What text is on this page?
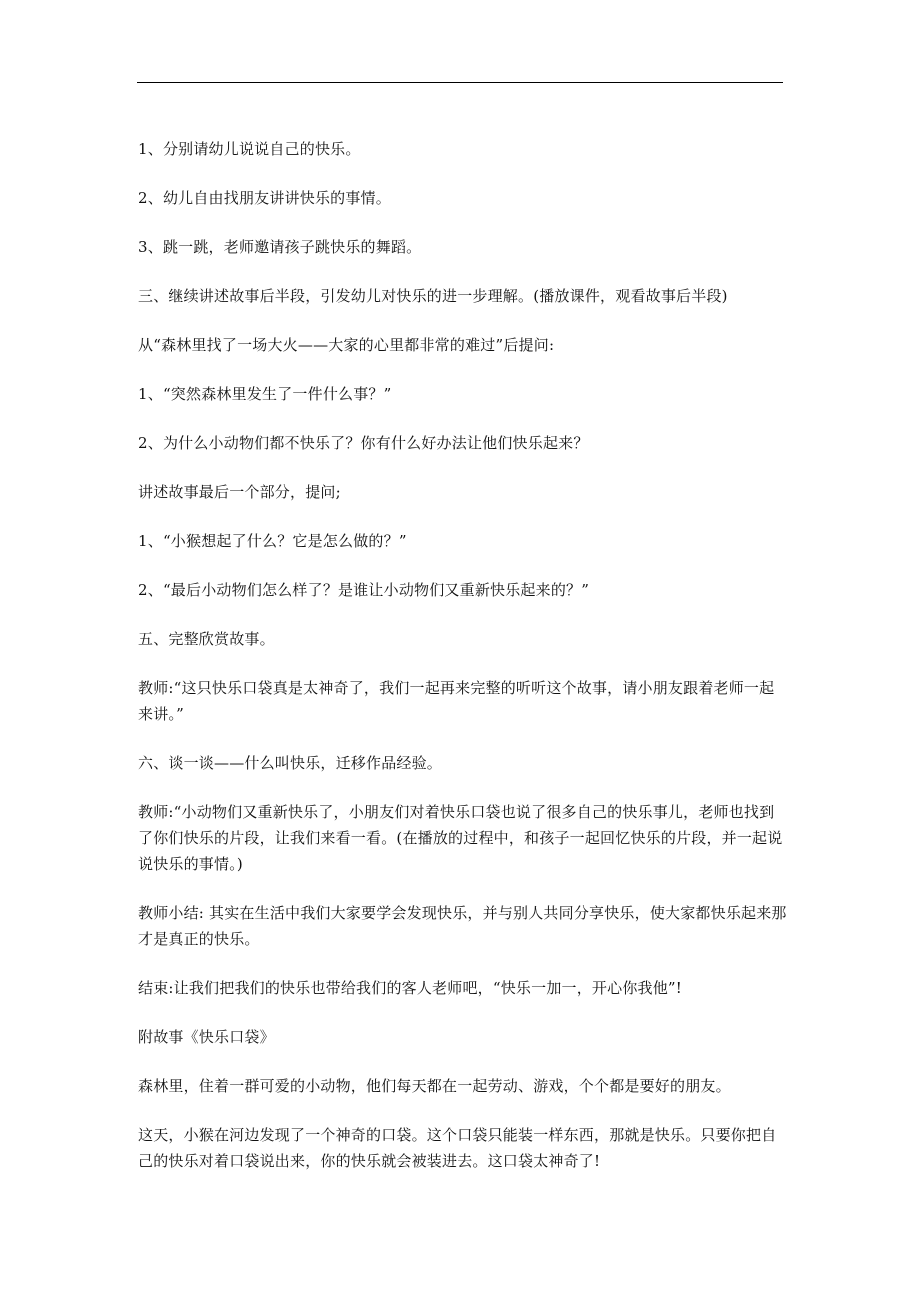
1、分别请幼儿说说自己的快乐。

2、幼儿自由找朋友讲讲快乐的事情。

3、跳一跳，老师邀请孩子跳快乐的舞蹈。

三、继续讲述故事后半段，引发幼儿对快乐的进一步理解。(播放课件，观看故事后半段)

从“森林里找了一场大火——大家的心里都非常的难过”后提问:

1、“突然森林里发生了一件什么事？”

2、为什么小动物们都不快乐了？你有什么好办法让他们快乐起来？

讲述故事最后一个部分，提问;

1、“小猴想起了什么？它是怎么做的？”

2、“最后小动物们怎么样了？是谁让小动物们又重新快乐起来的？”

五、完整欣赏故事。

教师:“这只快乐口袋真是太神奇了，我们一起再来完整的听听这个故事，请小朋友跟着老师一起来讲。”

六、谈一谈——什么叫快乐，迁移作品经验。

教师:“小动物们又重新快乐了，小朋友们对着快乐口袋也说了很多自己的快乐事儿，老师也找到了你们快乐的片段，让我们来看一看。(在播放的过程中，和孩子一起回忆快乐的片段，并一起说说快乐的事情。)

教师小结: 其实在生活中我们大家要学会发现快乐，并与别人共同分享快乐，使大家都快乐起来那才是真正的快乐。

结束:让我们把我们的快乐也带给我们的客人老师吧，“快乐一加一，开心你我他”!

附故事《快乐口袋》

森林里，住着一群可爱的小动物，他们每天都在一起劳动、游戏，个个都是要好的朋友。

这天，小猴在河边发现了一个神奇的口袋。这个口袋只能装一样东西，那就是快乐。只要你把自己的快乐对着口袋说出来，你的快乐就会被装进去。这口袋太神奇了!
